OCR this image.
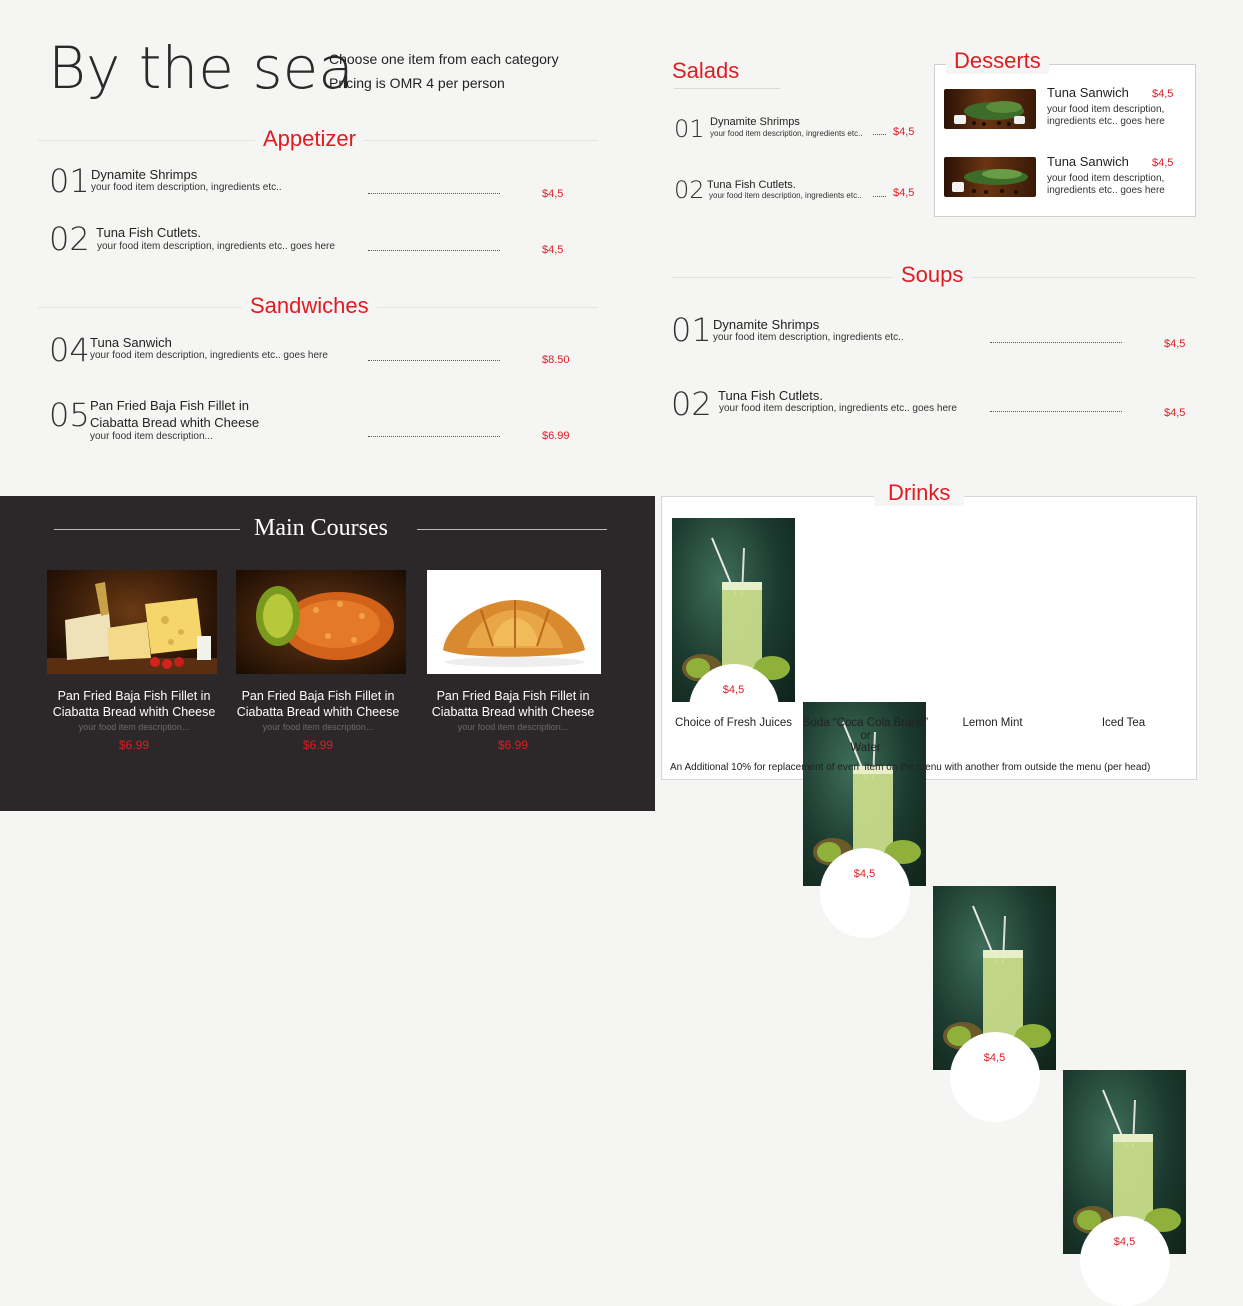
By the sea
Choose one item from each category
Pricing is OMR 4 per person
Appetizer
01 Dynamite Shrimps
your food item description, ingredients etc..
$4,5
02 Tuna Fish Cutlets.
your food item description, ingredients etc.. goes here	$4,5
Sandwiches
04 Tuna Sanwich
your food item description, ingredients etc.. goes here	$8.50
05 Pan Fried Baja Fish Fillet in
Ciabatta Bread whith Cheese
your food item description...	$6.99
Salads
01 Dynamite Shrimps
your food item description, ingredients etc..	$4,5
02 Tuna Fish Cutlets.
your food item description, ingredients etc..	$4,5
Desserts
Tuna Sanwich $4,5
your food item description,
ingredients etc.. goes here
Tuna Sanwich $4,5
your food item description,
ingredients etc.. goes here
Soups
01 Dynamite Shrimps
your food item description, ingredients etc..
$4,5
02 Tuna Fish Cutlets.
your food item description, ingredients etc.. goes here	$4,5
Main Courses
Pan Fried Baja Fish Fillet in
Ciabatta Bread whith Cheese
your food item description...
$6.99
Pan Fried Baja Fish Fillet in
Ciabatta Bread whith Cheese
your food item description...
$6.99
Pan Fried Baja Fish Fillet in
Ciabatta Bread whith Cheese
your food item description...
$6.99
Drinks
$4,5
$4,5
$4,5
$4,5
Choice of Fresh Juices Soda “Coca Cola Brand”
or
Water
Lemon Mint	Iced Tea
An Additional 10% for replacement of everi  item on the menu with another from outside the menu (per head)
